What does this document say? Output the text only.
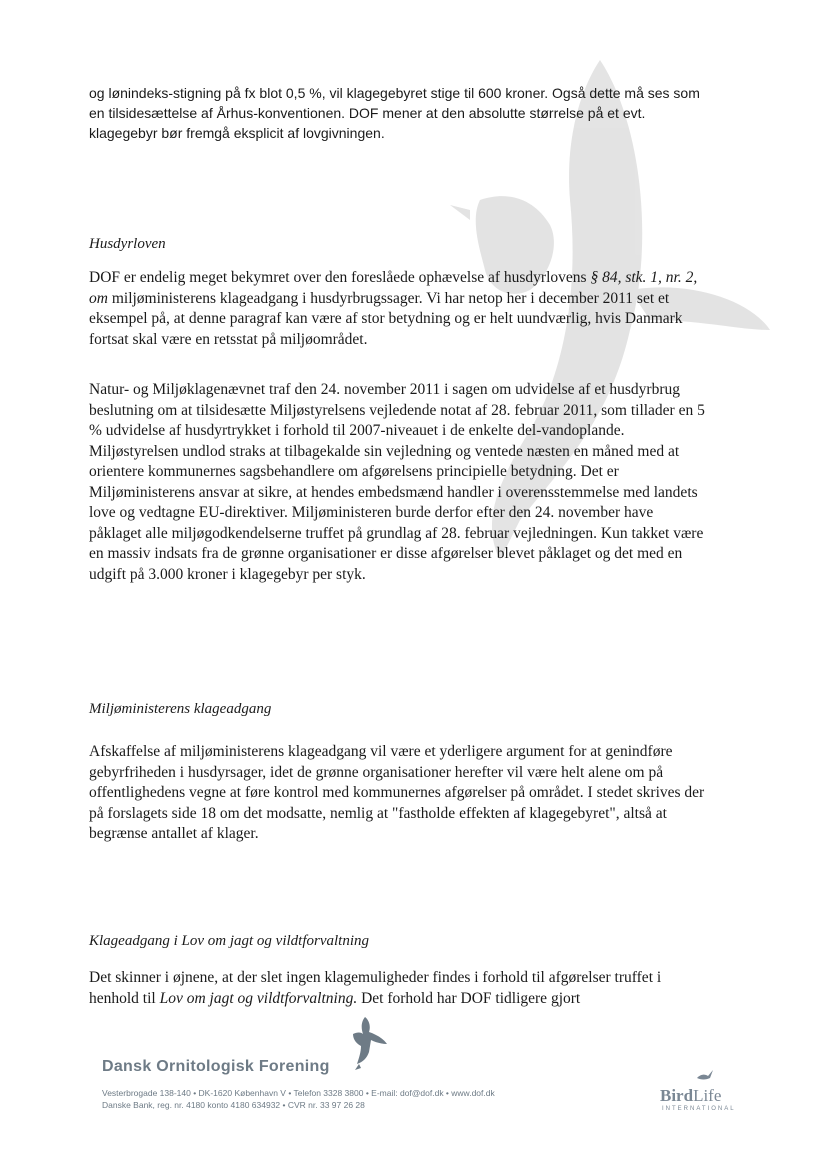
og lønindeks-stigning på fx blot 0,5 %, vil klagegebyret stige til 600 kroner. Også dette må ses som en tilsidesættelse af Århus-konventionen. DOF mener at den absolutte størrelse på et evt. klagegebyr bør fremgå eksplicit af lovgivningen.
Husdyrloven
DOF er endelig meget bekymret over den foreslåede ophævelse af husdyrlovens § 84, stk. 1, nr. 2, om miljøministerens klageadgang i husdyrbrugssager. Vi har netop her i december 2011 set et eksempel på, at denne paragraf kan være af stor betydning og er helt uundværlig, hvis Danmark fortsat skal være en retsstat på miljøområdet.
Natur- og Miljøklagenævnet traf den 24. november 2011 i sagen om udvidelse af et husdyrbrug beslutning om at tilsidesætte Miljøstyrelsens vejledende notat af 28. februar 2011, som tillader en 5 % udvidelse af husdyrtrykket i forhold til 2007-niveauet i de enkelte del-vandoplande. Miljøstyrelsen undlod straks at tilbagekalde sin vejledning og ventede næsten en måned med at orientere kommunernes sagsbehandlere om afgørelsens principielle betydning. Det er Miljøministerens ansvar at sikre, at hendes embedsmænd handler i overensstemmelse med landets love og vedtagne EU-direktiver. Miljøministeren burde derfor efter den 24. november have påklaget alle miljøgodkendelserne truffet på grundlag af 28. februar vejledningen. Kun takket være en massiv indsats fra de grønne organisationer er disse afgørelser blevet påklaget og det med en udgift på 3.000 kroner i klagegebyr per styk.
Miljøministerens klageadgang
Afskaffelse af miljøministerens klageadgang vil være et yderligere argument for at genindføre gebyrfriheden i husdyrsager, idet de grønne organisationer herefter vil være helt alene om på offentlighedens vegne at føre kontrol med kommunernes afgørelser på området. I stedet skrives der på forslagets side 18 om det modsatte, nemlig at "fastholde effekten af klagegebyret", altså at begrænse antallet af klager.
Klageadgang i Lov om jagt og vildtforvaltning
Det skinner i øjnene, at der slet ingen klagemuligheder findes i forhold til afgørelser truffet i henhold til Lov om jagt og vildtforvaltning. Det forhold har DOF tidligere gjort
Dansk Ornitologisk Forening
Vesterbrogade 138-140 • DK-1620 København V • Telefon 3328 3800 • E-mail: dof@dof.dk • www.dof.dk
Danske Bank, reg. nr. 4180 konto 4180 634932 • CVR nr. 33 97 26 28	BirdLife
INTERNATIONAL
